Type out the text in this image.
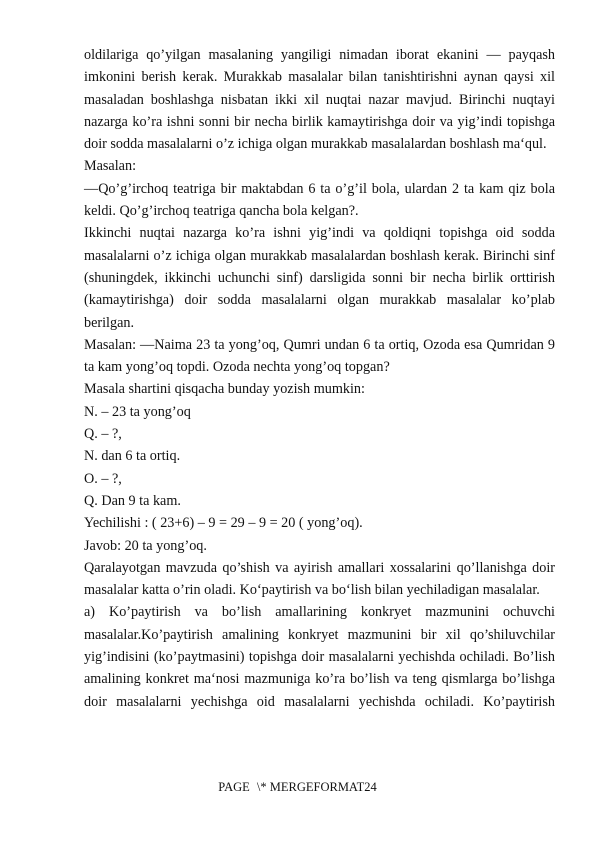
oldilariga qo’yilgan masalaning yangiligi nimadan iborat ekanini — payqash

imkonini berish kerak. Murakkab masalalar bilan tanishtirishni aynan qaysi xil

masaladan boshlashga nisbatan ikki xil nuqtai nazar mavjud. Birinchi nuqtayi

nazarga ko’ra ishni sonni bir necha birlik kamaytirishga doir va yig’indi topishga

doir sodda masalalarni o’z ichiga olgan murakkab masalalardan boshlash ma‘qul.

Masalan:

—Qo’g’irchoq teatriga bir maktabdan 6 ta o’g’il bola, ulardan 2 ta kam qiz bola

keldi. Qo’g’irchoq teatriga qancha bola kelgan?.

Ikkinchi nuqtai nazarga ko’ra ishni yig’indi va qoldiqni topishga oid sodda

masalalarni o’z ichiga olgan murakkab masalalardan boshlash kerak. Birinchi sinf

(shuningdek, ikkinchi uchunchi sinf) darsligida sonni bir necha birlik orttirish

(kamaytirishga) doir sodda masalalarni olgan murakkab masalalar ko’plab

berilgan.

Masalan: —Naima 23 ta yong’oq, Qumri undan 6 ta ortiq, Ozoda esa Qumridan 9

ta kam yong’oq topdi. Ozoda nechta yong’oq topgan?

Masala shartini qisqacha bunday yozish mumkin:

N. – 23 ta yong’oq

Q. – ?,

N. dan 6 ta ortiq.

O. – ?,

Q. Dan 9 ta kam.

Yechilishi : ( 23+6) – 9 = 29 – 9 = 20 ( yong’oq).

Javob: 20 ta yong’oq.

Qaralayotgan mavzuda qo’shish va ayirish amallari xossalarini qo’llanishga doir

masalalar katta o’rin oladi. Ko‘paytirish va bo‘lish bilan yechiladigan masalalar.

a) Ko’paytirish va bo’lish amallarining konkryet mazmunini ochuvchi

masalalar.Ko’paytirish amalining konkryet mazmunini bir xil qo’shiluvchilar

yig’indisini (ko’paytmasini) topishga doir masalalarni yechishda ochiladi. Bo’lish

amalining konkret ma‘nosi mazmuniga ko’ra bo’lish va teng qismlarga bo’lishga

doir masalalarni yechishga oid masalalarni yechishda ochiladi. Ko’paytirish

PAGE \* MERGEFORMAT24
